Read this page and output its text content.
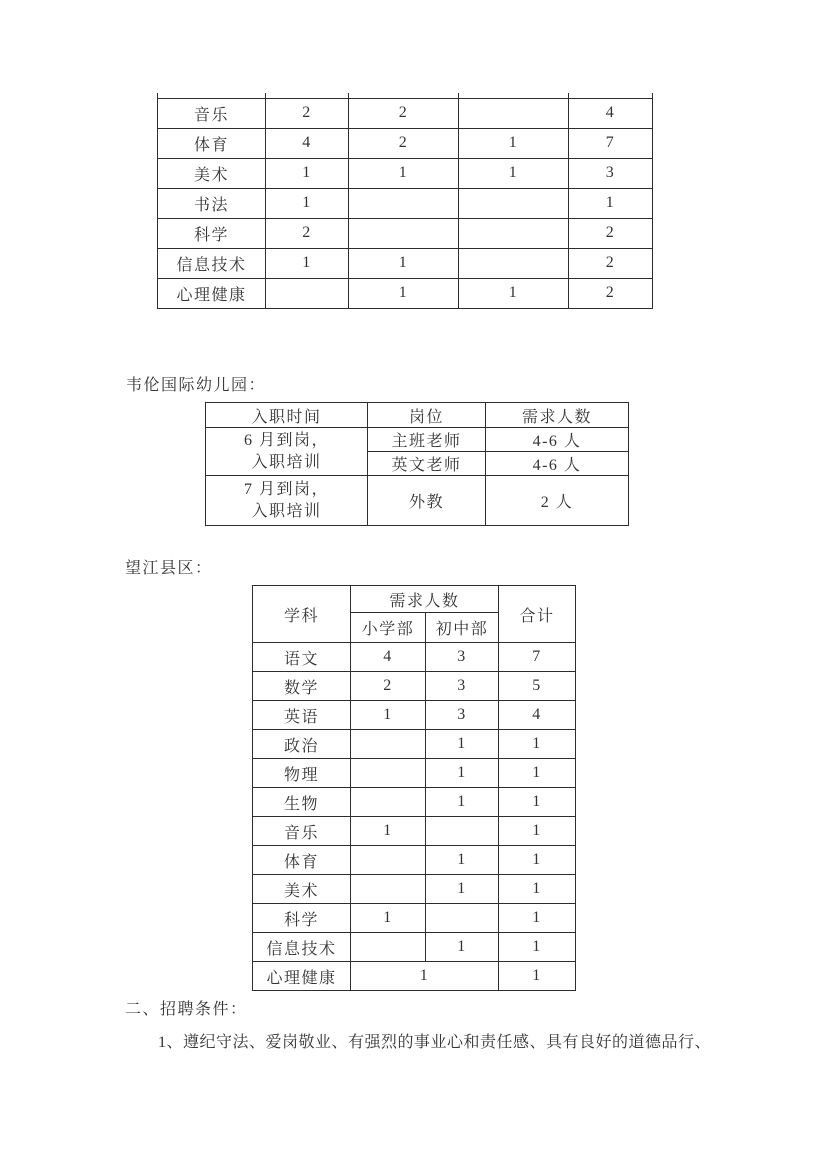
音乐	2	2		4
体育	4	2	1	7
美术	1	1	1	3
书法	1			1
科学	2			2
信息技术	1	1		2
心理健康		1	1	2
韦伦国际幼儿园：
入职时间	岗位	需求人数

6 月到岗，
入职培训	主班老师	4-6 人
	英文老师	4-6 人

7 月到岗，
入职培训	外教	2 人
望江县区：
学科	需求人数		合计
	小学部	初中部	
语文	4	3	7
数学	2	3	5
英语	1	3	4
政治		1	1
物理		1	1
生物		1	1
音乐	1		1
体育		1	1
美术		1	1
科学	1		1
信息技术		1	1
心理健康	1		1
二、招聘条件：
1、遵纪守法、爱岗敬业、有强烈的事业心和责任感、具有良好的道德品行、
